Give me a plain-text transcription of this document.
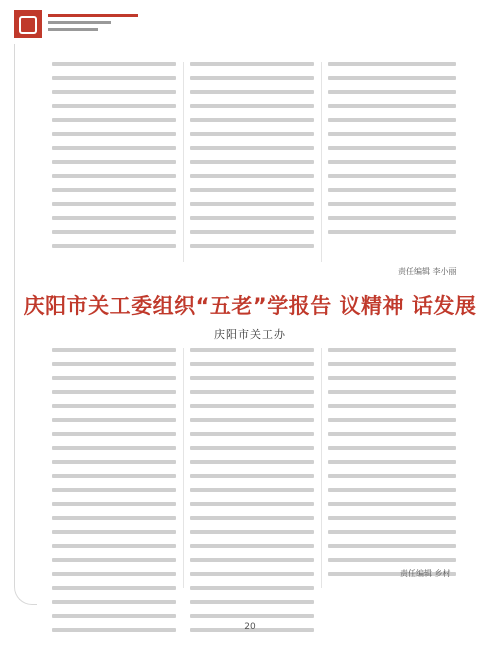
责任编辑 李小丽
庆阳市关工委组织“五老”学报告 议精神 话发展
庆阳市关工办
责任编辑 乡村
20
